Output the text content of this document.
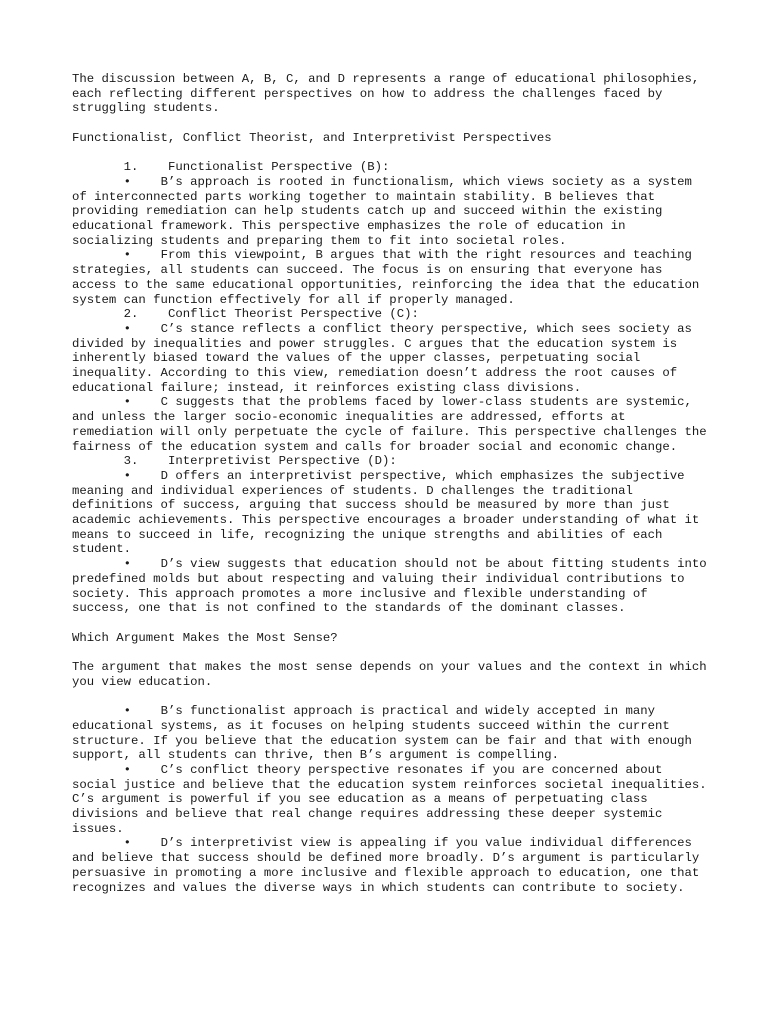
The discussion between A, B, C, and D represents a range of educational philosophies, each reflecting different perspectives on how to address the challenges faced by struggling students.

Functionalist, Conflict Theorist, and Interpretivist Perspectives

1. Functionalist Perspective (B):

• B’s approach is rooted in functionalism, which views society as a system of interconnected parts working together to maintain stability. B believes that providing remediation can help students catch up and succeed within the existing educational framework. This perspective emphasizes the role of education in socializing students and preparing them to fit into societal roles.

• From this viewpoint, B argues that with the right resources and teaching strategies, all students can succeed. The focus is on ensuring that everyone has access to the same educational opportunities, reinforcing the idea that the education system can function effectively for all if properly managed.

2. Conflict Theorist Perspective (C):

• C’s stance reflects a conflict theory perspective, which sees society as divided by inequalities and power struggles. C argues that the education system is inherently biased toward the values of the upper classes, perpetuating social inequality. According to this view, remediation doesn’t address the root causes of educational failure; instead, it reinforces existing class divisions.

• C suggests that the problems faced by lower-class students are systemic, and unless the larger socio-economic inequalities are addressed, efforts at remediation will only perpetuate the cycle of failure. This perspective challenges the fairness of the education system and calls for broader social and economic change.

3. Interpretivist Perspective (D):

• D offers an interpretivist perspective, which emphasizes the subjective meaning and individual experiences of students. D challenges the traditional definitions of success, arguing that success should be measured by more than just academic achievements. This perspective encourages a broader understanding of what it means to succeed in life, recognizing the unique strengths and abilities of each student.

• D’s view suggests that education should not be about fitting students into predefined molds but about respecting and valuing their individual contributions to society. This approach promotes a more inclusive and flexible understanding of success, one that is not confined to the standards of the dominant classes.

Which Argument Makes the Most Sense?

The argument that makes the most sense depends on your values and the context in which you view education.

• B’s functionalist approach is practical and widely accepted in many educational systems, as it focuses on helping students succeed within the current structure. If you believe that the education system can be fair and that with enough support, all students can thrive, then B’s argument is compelling.

• C’s conflict theory perspective resonates if you are concerned about social justice and believe that the education system reinforces societal inequalities. C’s argument is powerful if you see education as a means of perpetuating class divisions and believe that real change requires addressing these deeper systemic issues.

• D’s interpretivist view is appealing if you value individual differences and believe that success should be defined more broadly. D’s argument is particularly persuasive in promoting a more inclusive and flexible approach to education, one that recognizes and values the diverse ways in which students can contribute to society.
